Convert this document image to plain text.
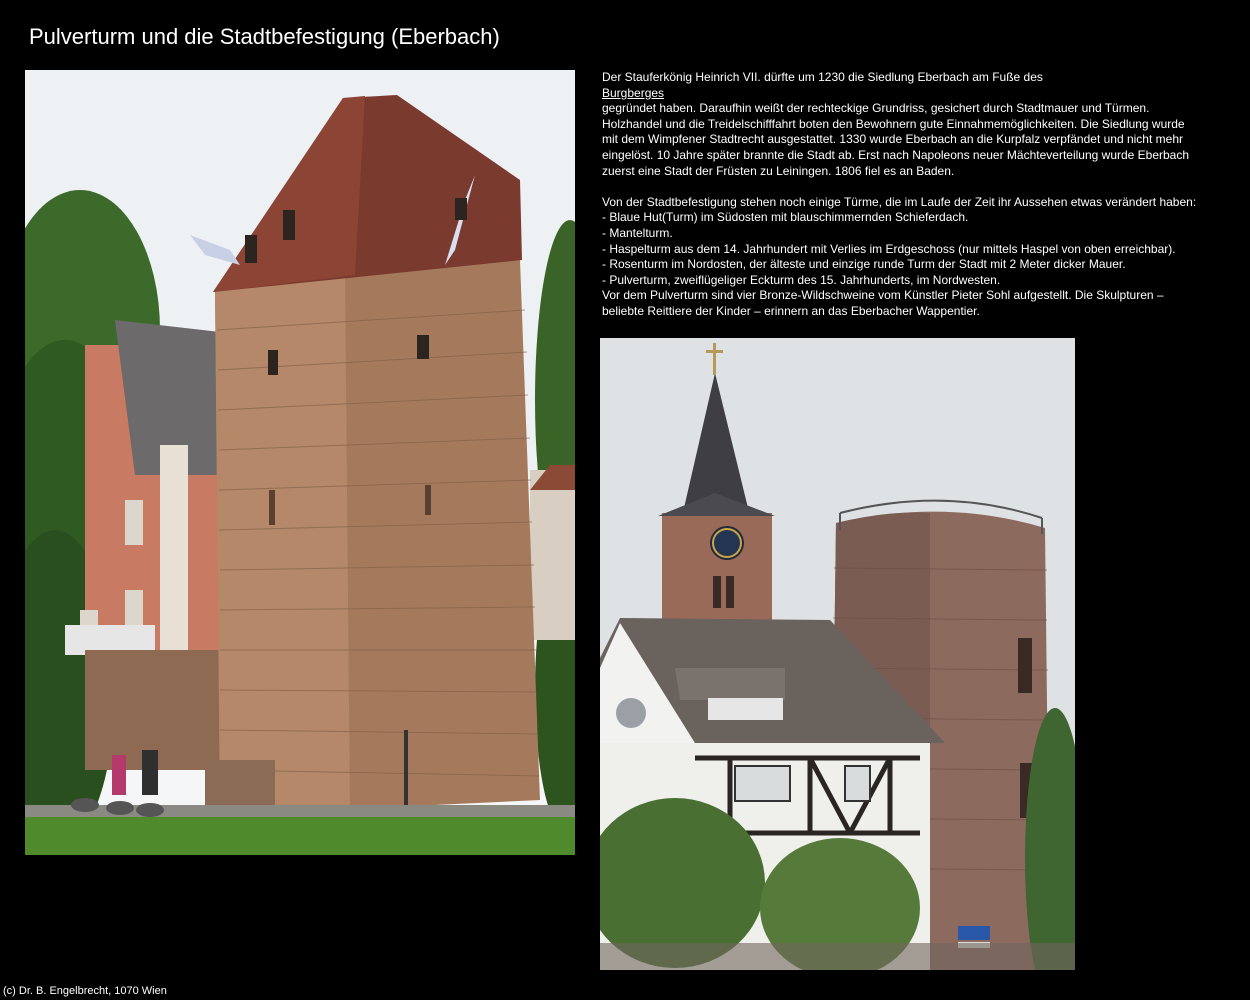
Pulverturm und die Stadtbefestigung (Eberbach)

Der Stauferkönig Heinrich VII. dürfte um 1230 die Siedlung Eberbach am Fuße des
Burgberges
gegründet haben. Daraufhin weißt der rechteckige Grundriss, gesichert durch Stadtmauer und Türmen.
Holzhandel und die Treidelschifffahrt boten den Bewohnern gute Einnahmemöglichkeiten. Die Siedlung wurde
mit dem Wimpfener Stadtrecht ausgestattet. 1330 wurde Eberbach an die Kurpfalz verpfändet und nicht mehr
eingelöst. 10 Jahre später brannte die Stadt ab. Erst nach Napoleons neuer Mächteverteilung wurde Eberbach
zuerst eine Stadt der Früsten zu Leiningen. 1806 fiel es an Baden.

Von der Stadtbefestigung stehen noch einige Türme, die im Laufe der Zeit ihr Aussehen etwas verändert haben:
- Blaue Hut(Turm) im Südosten mit blauschimmernden Schieferdach.
- Mantelturm.
- Haspelturm aus dem 14. Jahrhundert mit Verlies im Erdgeschoss (nur mittels Haspel von oben erreichbar).
- Rosenturm im Nordosten, der älteste und einzige runde Turm der Stadt mit 2 Meter dicker Mauer.
- Pulverturm, zweiflügeliger Eckturm des 15. Jahrhunderts, im Nordwesten.
Vor dem Pulverturm sind vier Bronze-Wildschweine vom Künstler Pieter Sohl aufgestellt. Die Skulpturen –
beliebte Reittiere der Kinder – erinnern an das Eberbacher Wappentier.

(c) Dr. B. Engelbrecht, 1070 Wien
